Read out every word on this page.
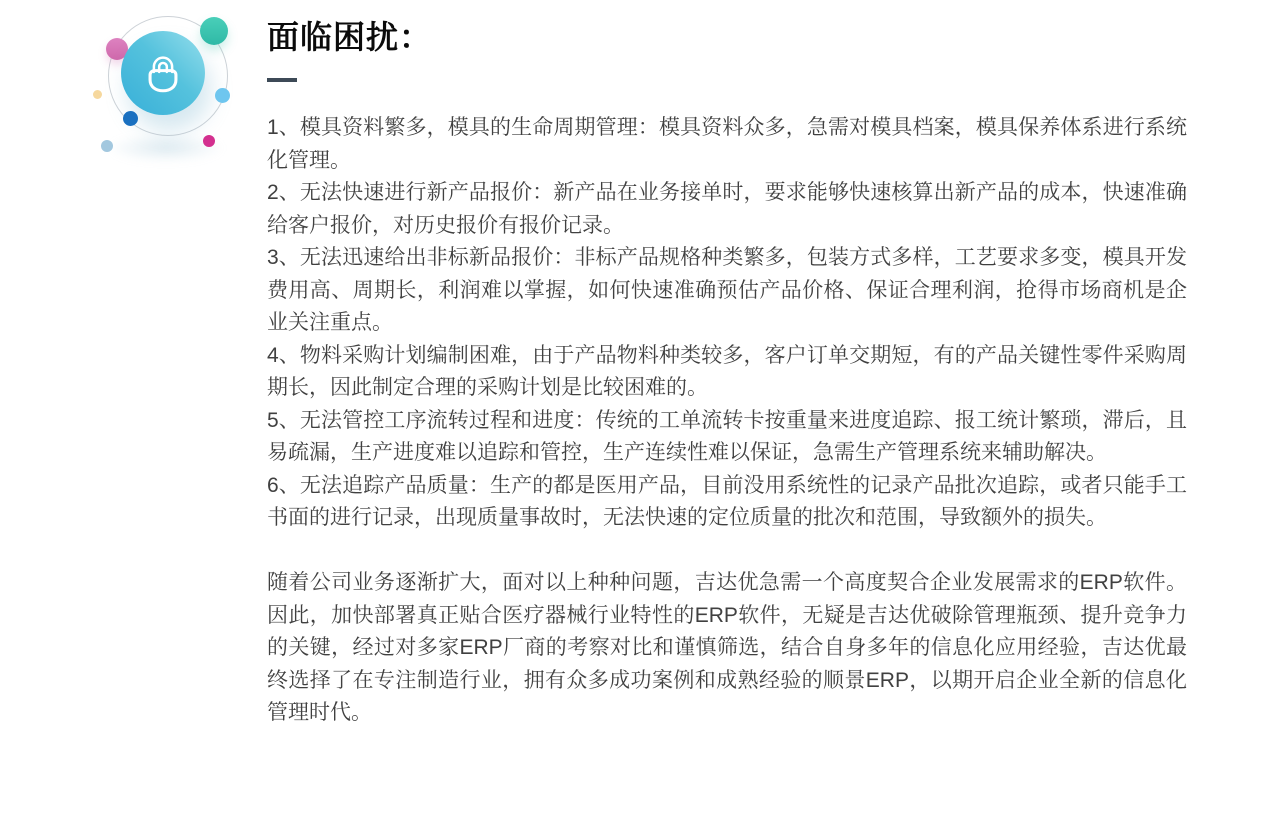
面临困扰：

1、模具资料繁多，模具的生命周期管理：模具资料众多，急需对模具档案，模具保养体系进行系统化管理。

2、无法快速进行新产品报价：新产品在业务接单时，要求能够快速核算出新产品的成本，快速准确给客户报价，对历史报价有报价记录。

3、无法迅速给出非标新品报价：非标产品规格种类繁多，包装方式多样，工艺要求多变，模具开发费用高、周期长，利润难以掌握，如何快速准确预估产品价格、保证合理利润，抢得市场商机是企业关注重点。

4、物料采购计划编制困难，由于产品物料种类较多，客户订单交期短，有的产品关键性零件采购周期长，因此制定合理的采购计划是比较困难的。

5、无法管控工序流转过程和进度：传统的工单流转卡按重量来进度追踪、报工统计繁琐，滞后，且易疏漏，生产进度难以追踪和管控，生产连续性难以保证，急需生产管理系统来辅助解决。

6、无法追踪产品质量：生产的都是医用产品，目前没用系统性的记录产品批次追踪，或者只能手工书面的进行记录，出现质量事故时，无法快速的定位质量的批次和范围，导致额外的损失。

随着公司业务逐渐扩大，面对以上种种问题，吉达优急需一个高度契合企业发展需求的ERP软件。因此，加快部署真正贴合医疗器械行业特性的ERP软件，无疑是吉达优破除管理瓶颈、提升竞争力的关键，经过对多家ERP厂商的考察对比和谨慎筛选，结合自身多年的信息化应用经验，吉达优最终选择了在专注制造行业，拥有众多成功案例和成熟经验的顺景ERP，以期开启企业全新的信息化管理时代。
